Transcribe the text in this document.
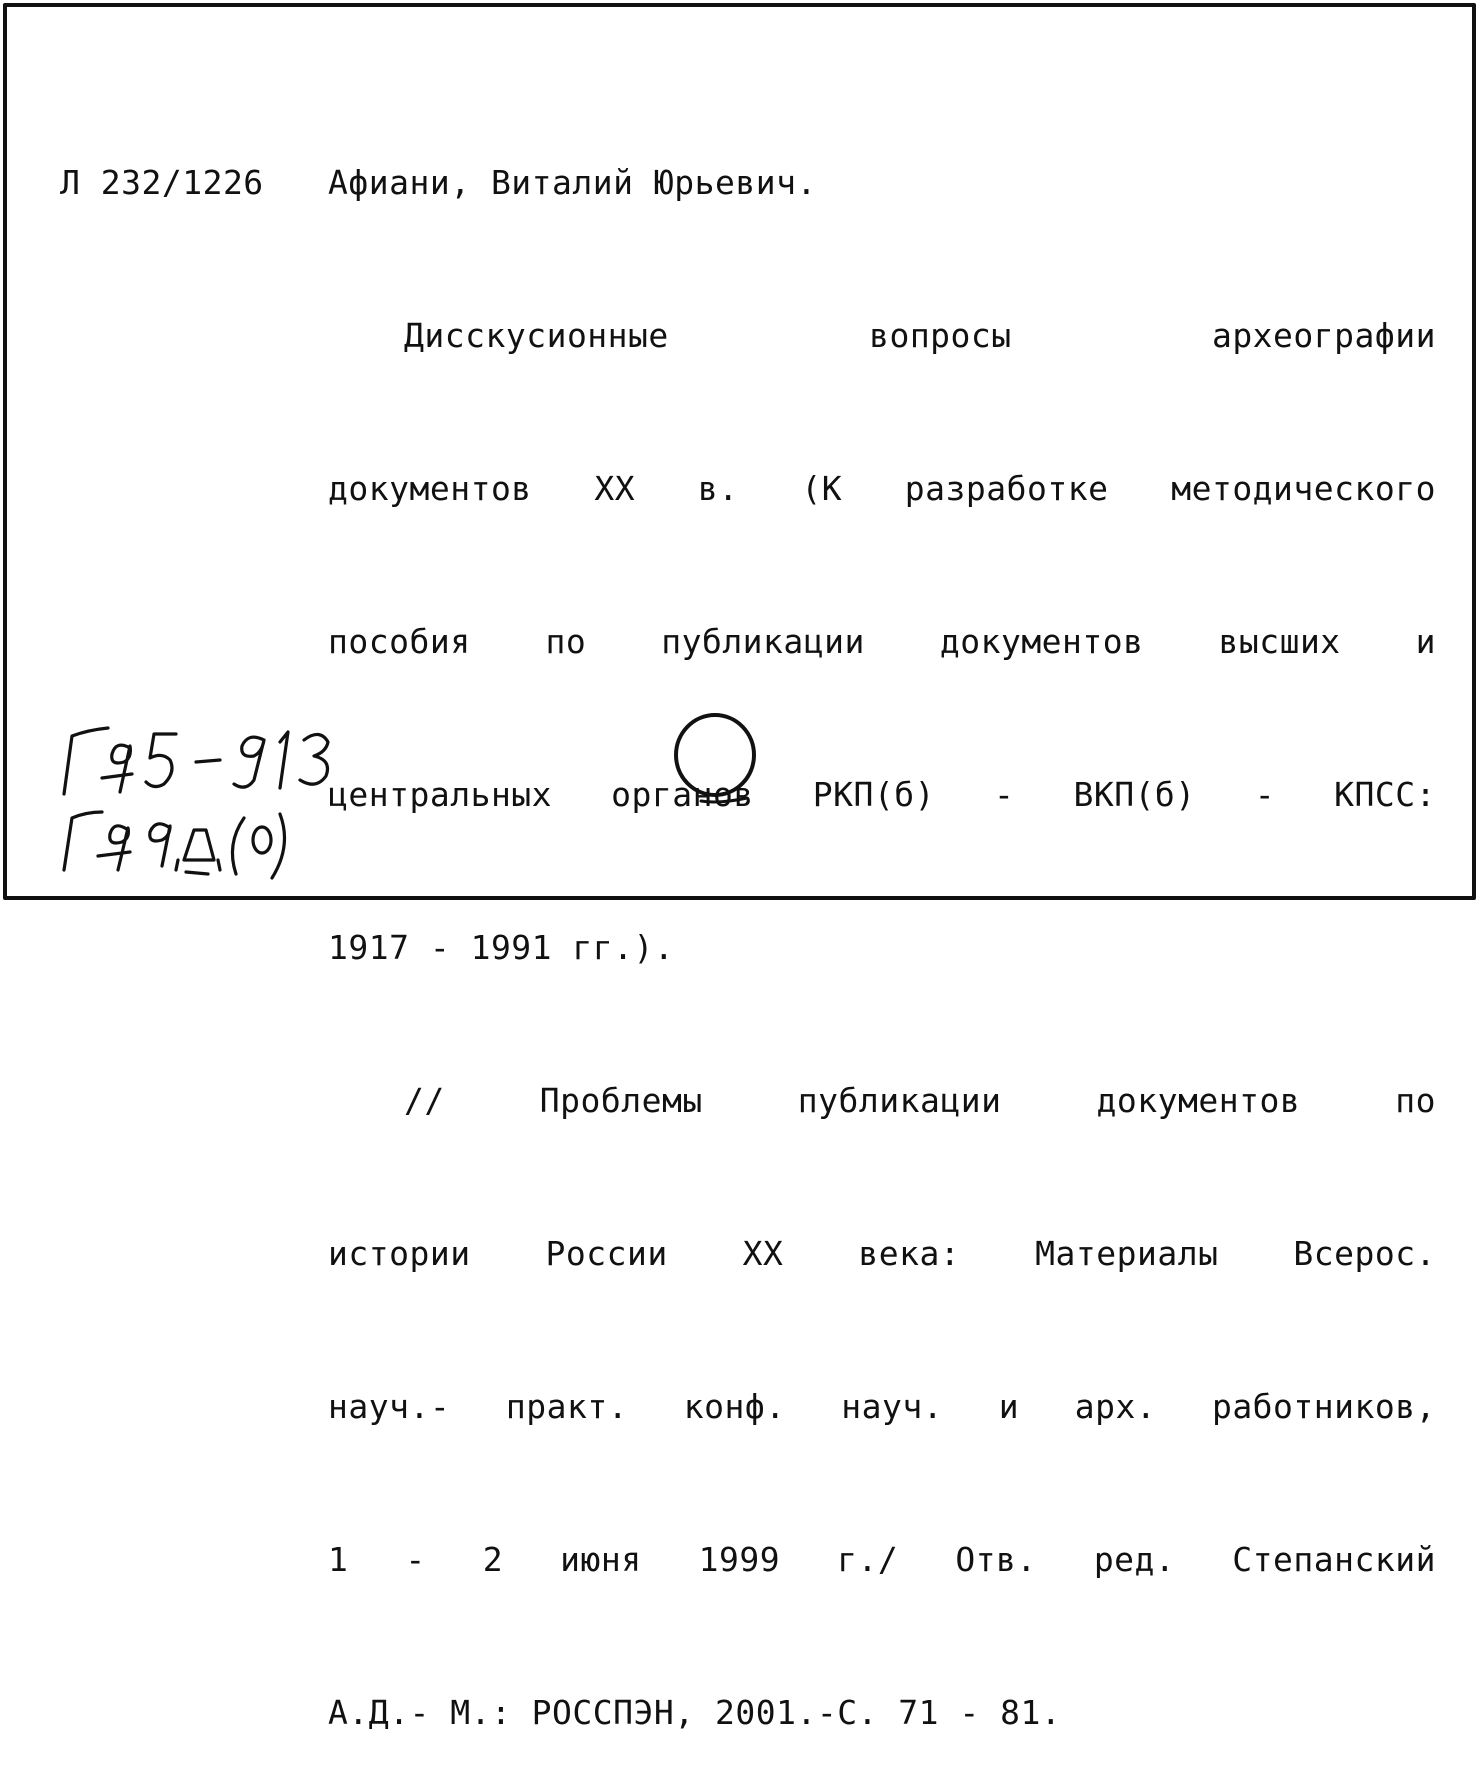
Л 232/1226 Афиани, Виталий Юрьевич.

Дисскусионные вопросы археографии

документов XX в. (К разработке методического

пособия по публикации документов высших и

центральных органов РКП(б) - ВКП(б) - КПСС:

1917 - 1991 гг.).

// Проблемы публикации документов по

истории России XX века: Материалы Всерос.

науч.- практ. конф. науч. и арх. работников,

1 - 2 июня 1999 г./ Отв. ред. Степанский

А.Д.- М.: РОССПЭН, 2001.-С. 71 - 81.
